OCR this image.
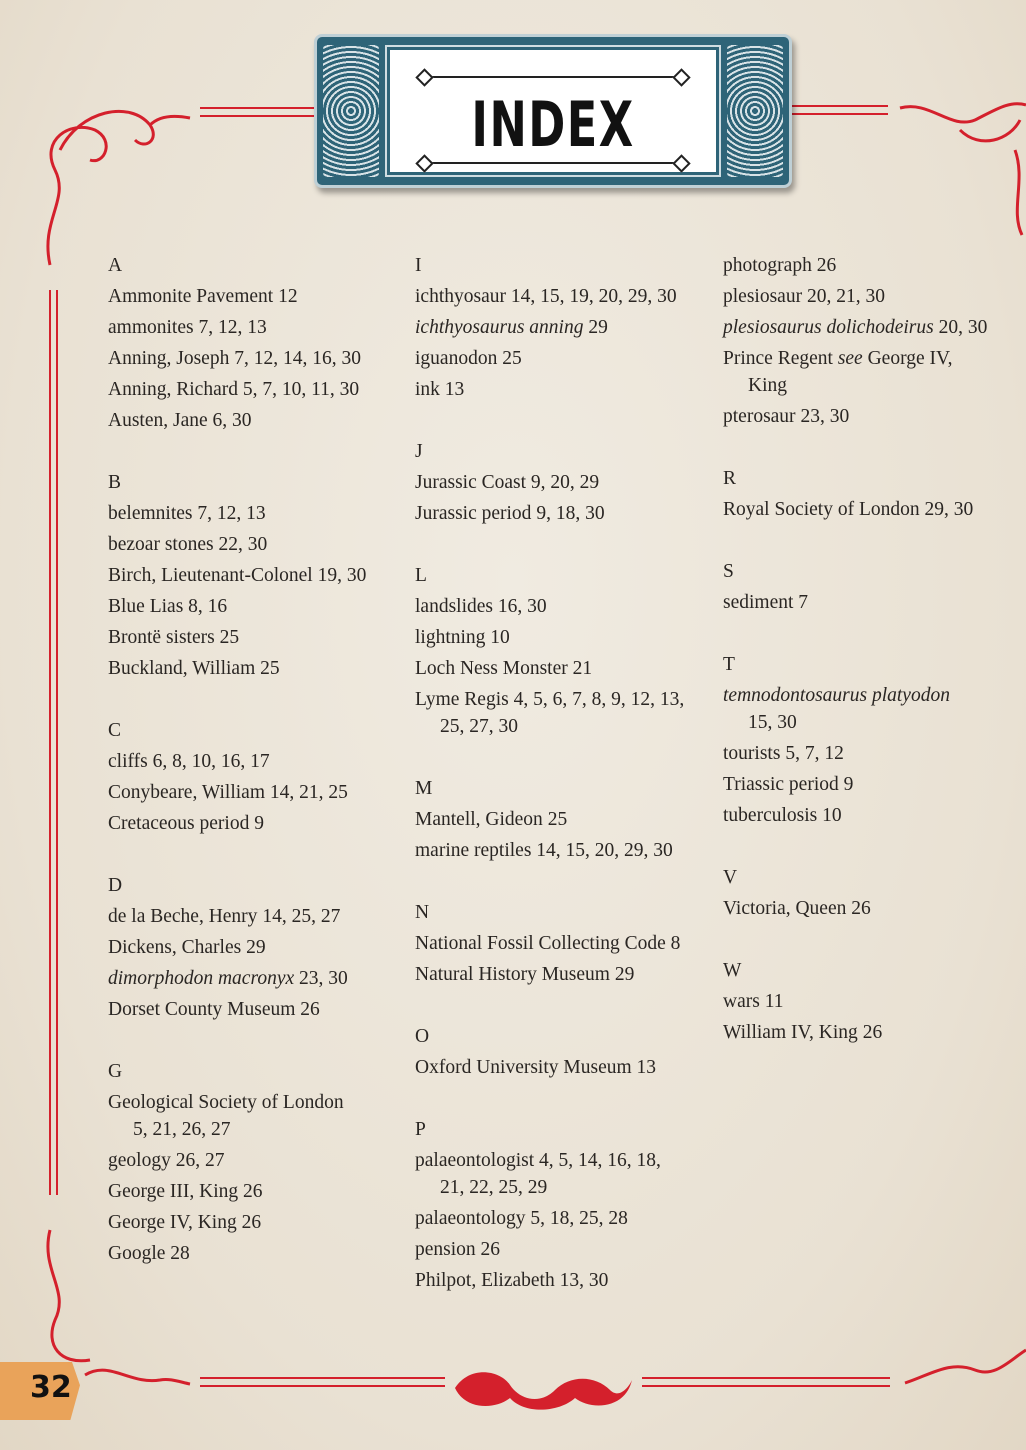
INDEX
A
Ammonite Pavement 12
ammonites 7, 12, 13
Anning, Joseph 7, 12, 14, 16, 30
Anning, Richard 5, 7, 10, 11, 30
Austen, Jane 6, 30
B
belemnites 7, 12, 13
bezoar stones 22, 30
Birch, Lieutenant-Colonel 19, 30
Blue Lias 8, 16
Brontë sisters 25
Buckland, William 25
C
cliffs 6, 8, 10, 16, 17
Conybeare, William 14, 21, 25
Cretaceous period 9
D
de la Beche, Henry 14, 25, 27
Dickens, Charles 29
dimorphodon macronyx 23, 30
Dorset County Museum 26
G
Geological Society of London
5, 21, 26, 27
geology 26, 27
George III, King 26
George IV, King 26
Google 28
I
ichthyosaur 14, 15, 19, 20, 29, 30
ichthyosaurus anning 29
iguanodon 25
ink 13
J
Jurassic Coast 9, 20, 29
Jurassic period 9, 18, 30
L
landslides 16, 30
lightning 10
Loch Ness Monster 21
Lyme Regis 4, 5, 6, 7, 8, 9, 12, 13,
25, 27, 30
M
Mantell, Gideon 25
marine reptiles 14, 15, 20, 29, 30
N
National Fossil Collecting Code 8
Natural History Museum 29
O
Oxford University Museum 13
P
palaeontologist 4, 5, 14, 16, 18,
21, 22, 25, 29
palaeontology 5, 18, 25, 28
pension 26
Philpot, Elizabeth 13, 30
photograph 26
plesiosaur 20, 21, 30
plesiosaurus dolichodeirus 20, 30
Prince Regent see George IV,
King
pterosaur 23, 30
R
Royal Society of London 29, 30
S
sediment 7
T
temnodontosaurus platyodon
15, 30
tourists 5, 7, 12
Triassic period 9
tuberculosis 10
V
Victoria, Queen 26
W
wars 11
William IV, King 26
32
